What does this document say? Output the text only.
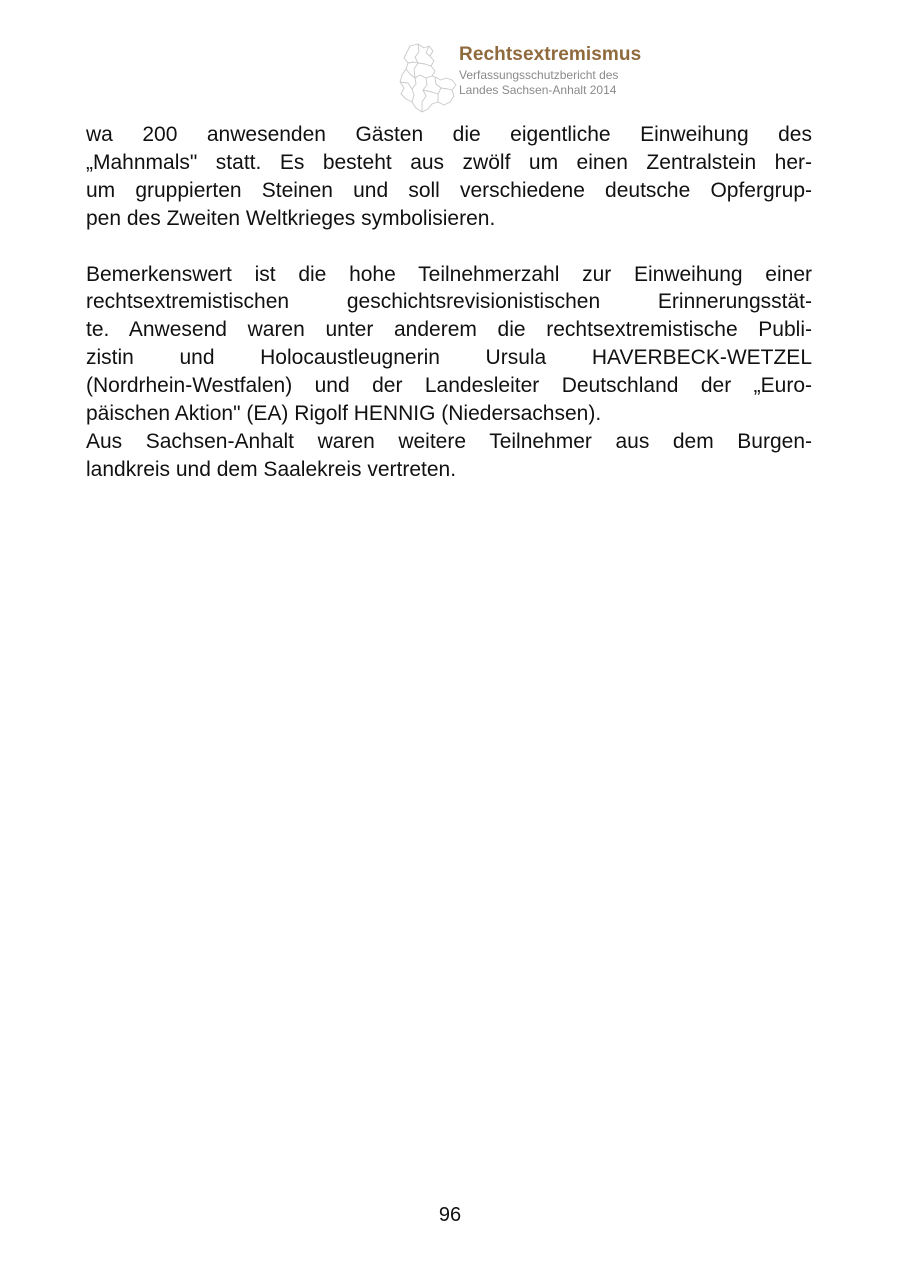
Rechtsextremismus
Verfassungsschutzbericht des
Landes Sachsen-Anhalt 2014

wa 200 anwesenden Gästen die eigentliche Einweihung des
„Mahnmals" statt. Es besteht aus zwölf um einen Zentralstein her-
um gruppierten Steinen und soll verschiedene deutsche Opfergrup-
pen des Zweiten Weltkrieges symbolisieren.

Bemerkenswert ist die hohe Teilnehmerzahl zur Einweihung einer
rechtsextremistischen geschichtsrevisionistischen Erinnerungsstät-
te. Anwesend waren unter anderem die rechtsextremistische Publi-
zistin und Holocaustleugnerin Ursula HAVERBECK-WETZEL
(Nordrhein-Westfalen) und der Landesleiter Deutschland der „Euro-
päischen Aktion" (EA) Rigolf HENNIG (Niedersachsen).

Aus Sachsen-Anhalt waren weitere Teilnehmer aus dem Burgen-
landkreis und dem Saalekreis vertreten.

96
